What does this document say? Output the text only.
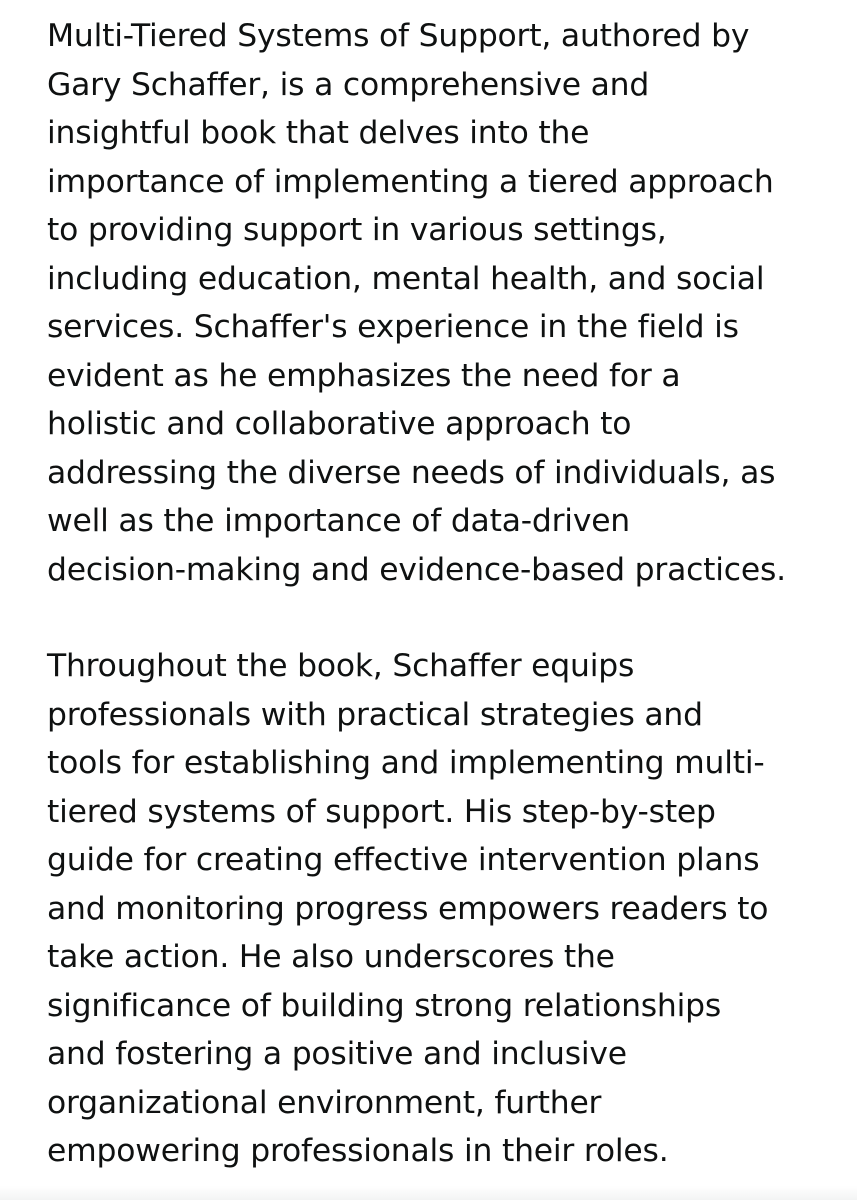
Multi-Tiered Systems of Support, authored by
Gary Schaffer, is a comprehensive and
insightful book that delves into the
importance of implementing a tiered approach
to providing support in various settings,
including education, mental health, and social
services. Schaffer's experience in the field is
evident as he emphasizes the need for a
holistic and collaborative approach to
addressing the diverse needs of individuals, as
well as the importance of data-driven
decision-making and evidence-based practices.
Throughout the book, Schaffer equips
professionals with practical strategies and
tools for establishing and implementing multi-
tiered systems of support. His step-by-step
guide for creating effective intervention plans
and monitoring progress empowers readers to
take action. He also underscores the
significance of building strong relationships
and fostering a positive and inclusive
organizational environment, further
empowering professionals in their roles.
